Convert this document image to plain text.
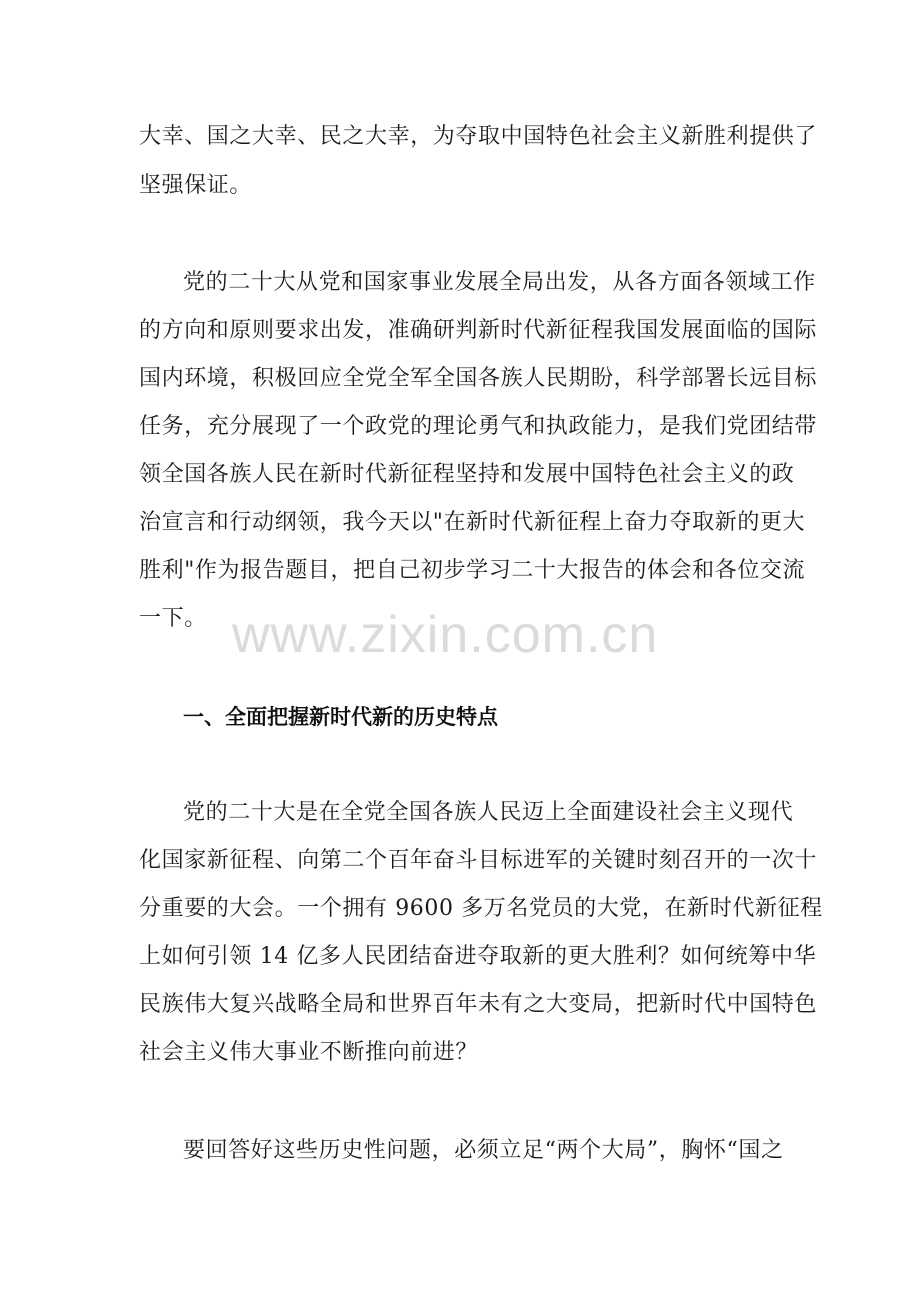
大幸、国之大幸、民之大幸，为夺取中国特色社会主义新胜利提供了
坚强保证。
党的二十大从党和国家事业发展全局出发，从各方面各领域工作
的方向和原则要求出发，准确研判新时代新征程我国发展面临的国际
国内环境，积极回应全党全军全国各族人民期盼，科学部署长远目标
任务，充分展现了一个政党的理论勇气和执政能力，是我们党团结带
领全国各族人民在新时代新征程坚持和发展中国特色社会主义的政
治宣言和行动纲领，我今天以"在新时代新征程上奋力夺取新的更大
胜利"作为报告题目，把自己初步学习二十大报告的体会和各位交流
一下。
一、全面把握新时代新的历史特点
党的二十大是在全党全国各族人民迈上全面建设社会主义现代
化国家新征程、向第二个百年奋斗目标进军的关键时刻召开的一次十
分重要的大会。一个拥有 9600 多万名党员的大党，在新时代新征程
上如何引领 14 亿多人民团结奋进夺取新的更大胜利？如何统筹中华
民族伟大复兴战略全局和世界百年未有之大变局，把新时代中国特色
社会主义伟大事业不断推向前进？
要回答好这些历史性问题，必须立足“两个大局”，胸怀“国之
www.zixin.com.cn
